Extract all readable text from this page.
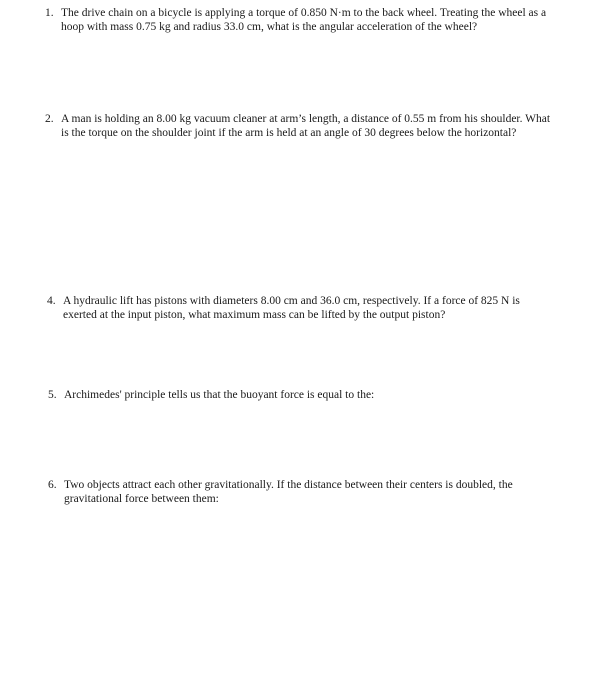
1. The drive chain on a bicycle is applying a torque of 0.850 N·m to the back wheel. Treating the wheel as a
hoop with mass 0.75 kg and radius 33.0 cm, what is the angular acceleration of the wheel?
2. A man is holding an 8.00 kg vacuum cleaner at arm’s length, a distance of 0.55 m from his shoulder. What
is the torque on the shoulder joint if the arm is held at an angle of 30 degrees below the horizontal?
4. A hydraulic lift has pistons with diameters 8.00 cm and 36.0 cm, respectively. If a force of 825 N is
exerted at the input piston, what maximum mass can be lifted by the output piston?
5. Archimedes' principle tells us that the buoyant force is equal to the:
6. Two objects attract each other gravitationally. If the distance between their centers is doubled, the
gravitational force between them:
